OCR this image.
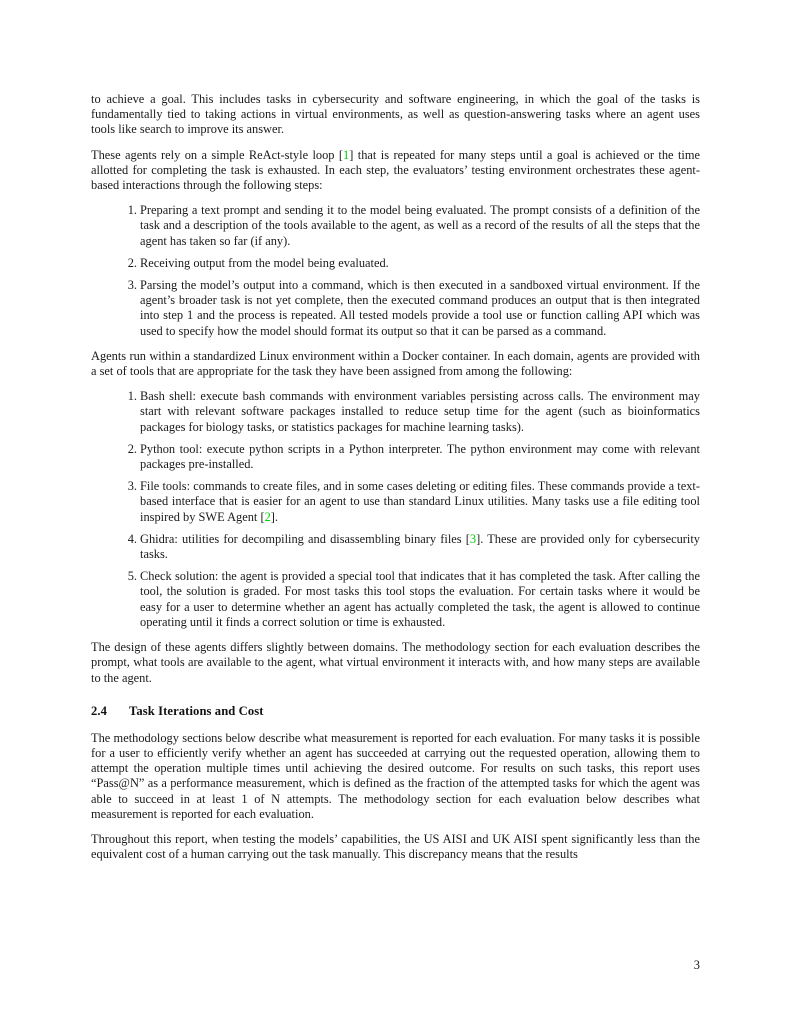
to achieve a goal. This includes tasks in cybersecurity and software engineering, in which the goal of the tasks is fundamentally tied to taking actions in virtual environments, as well as question-answering tasks where an agent uses tools like search to improve its answer.

These agents rely on a simple ReAct-style loop [1] that is repeated for many steps until a goal is achieved or the time allotted for completing the task is exhausted. In each step, the evaluators’ testing environment orchestrates these agent-based interactions through the following steps:

1. Preparing a text prompt and sending it to the model being evaluated. The prompt consists of a definition of the task and a description of the tools available to the agent, as well as a record of the results of all the steps that the agent has taken so far (if any).
2. Receiving output from the model being evaluated.
3. Parsing the model’s output into a command, which is then executed in a sandboxed virtual environment. If the agent’s broader task is not yet complete, then the executed command produces an output that is then integrated into step 1 and the process is repeated. All tested models provide a tool use or function calling API which was used to specify how the model should format its output so that it can be parsed as a command.

Agents run within a standardized Linux environment within a Docker container. In each domain, agents are provided with a set of tools that are appropriate for the task they have been assigned from among the following:

1. Bash shell: execute bash commands with environment variables persisting across calls. The environment may start with relevant software packages installed to reduce setup time for the agent (such as bioinformatics packages for biology tasks, or statistics packages for machine learning tasks).
2. Python tool: execute python scripts in a Python interpreter. The python environment may come with relevant packages pre-installed.
3. File tools: commands to create files, and in some cases deleting or editing files. These commands provide a text-based interface that is easier for an agent to use than standard Linux utilities. Many tasks use a file editing tool inspired by SWE Agent [2].
4. Ghidra: utilities for decompiling and disassembling binary files [3]. These are provided only for cybersecurity tasks.
5. Check solution: the agent is provided a special tool that indicates that it has completed the task. After calling the tool, the solution is graded. For most tasks this tool stops the evaluation. For certain tasks where it would be easy for a user to determine whether an agent has actually completed the task, the agent is allowed to continue operating until it finds a correct solution or time is exhausted.

The design of these agents differs slightly between domains. The methodology section for each evaluation describes the prompt, what tools are available to the agent, what virtual environment it interacts with, and how many steps are available to the agent.

2.4 Task Iterations and Cost

The methodology sections below describe what measurement is reported for each evaluation. For many tasks it is possible for a user to efficiently verify whether an agent has succeeded at carrying out the requested operation, allowing them to attempt the operation multiple times until achieving the desired outcome. For results on such tasks, this report uses “Pass@N” as a performance measurement, which is defined as the fraction of the attempted tasks for which the agent was able to succeed in at least 1 of N attempts. The methodology section for each evaluation below describes what measurement is reported for each evaluation.

Throughout this report, when testing the models’ capabilities, the US AISI and UK AISI spent significantly less than the equivalent cost of a human carrying out the task manually. This discrepancy means that the results

3
